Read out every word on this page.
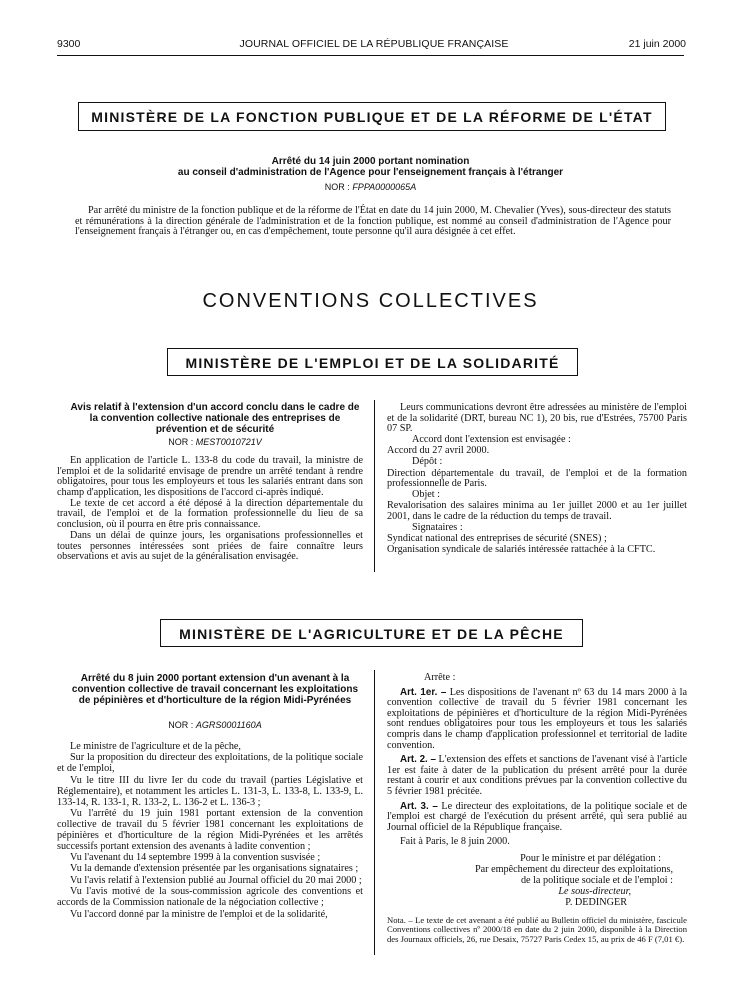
9300	JOURNAL OFFICIEL DE LA RÉPUBLIQUE FRANÇAISE	21 juin 2000
MINISTÈRE DE LA FONCTION PUBLIQUE ET DE LA RÉFORME DE L'ÉTAT
Arrêté du 14 juin 2000 portant nomination
au conseil d'administration de l'Agence pour l'enseignement français à l'étranger
NOR : FPPA0000065A

Par arrêté du ministre de la fonction publique et de la réforme de l'État en date du 14 juin 2000, M. Chevalier (Yves), sous-directeur des statuts et rémunérations à la direction générale de l'administration et de la fonction publique, est nommé au conseil d'administration de l'Agence pour l'enseignement français à l'étranger ou, en cas d'empêchement, toute personne qu'il aura désignée à cet effet.

CONVENTIONS COLLECTIVES
MINISTÈRE DE L'EMPLOI ET DE LA SOLIDARITÉ
Avis relatif à l'extension d'un accord conclu dans le cadre de la convention collective nationale des entreprises de prévention et de sécurité
NOR : MEST0010721V

En application de l'article L. 133-8 du code du travail, la ministre de l'emploi et de la solidarité envisage de prendre un arrêté tendant à rendre obligatoires, pour tous les employeurs et tous les salariés entrant dans son champ d'application, les dispositions de l'accord ci-après indiqué.

Le texte de cet accord a été déposé à la direction départementale du travail, de l'emploi et de la formation professionnelle du lieu de sa conclusion, où il pourra en être pris connaissance.

Dans un délai de quinze jours, les organisations professionnelles et toutes personnes intéressées sont priées de faire connaître leurs observations et avis au sujet de la généralisation envisagée.

Leurs communications devront être adressées au ministère de l'emploi et de la solidarité (DRT, bureau NC 1), 20 bis, rue d'Estrées, 75700 Paris 07 SP.

Accord dont l'extension est envisagée :

Accord du 27 avril 2000.

Dépôt :

Direction départementale du travail, de l'emploi et de la formation professionnelle de Paris.

Objet :

Revalorisation des salaires minima au 1er juillet 2000 et au 1er juillet 2001, dans le cadre de la réduction du temps de travail.

Signataires :

Syndicat national des entreprises de sécurité (SNES) ;

Organisation syndicale de salariés intéressée rattachée à la CFTC.

MINISTÈRE DE L'AGRICULTURE ET DE LA PÊCHE
Arrêté du 8 juin 2000 portant extension d'un avenant à la convention collective de travail concernant les exploitations de pépinières et d'horticulture de la région Midi-Pyrénées
NOR : AGRS0001160A

Le ministre de l'agriculture et de la pêche,

Sur la proposition du directeur des exploitations, de la politique sociale et de l'emploi,

Vu le titre III du livre Ier du code du travail (parties Législative et Réglementaire), et notamment les articles L. 131-3, L. 133-8, L. 133-9, L. 133-14, R. 133-1, R. 133-2, L. 136-2 et L. 136-3 ;

Vu l'arrêté du 19 juin 1981 portant extension de la convention collective de travail du 5 février 1981 concernant les exploitations de pépinières et d'horticulture de la région Midi-Pyrénées et les arrêtés successifs portant extension des avenants à ladite convention ;

Vu l'avenant du 14 septembre 1999 à la convention susvisée ;

Vu la demande d'extension présentée par les organisations signataires ;

Vu l'avis relatif à l'extension publié au Journal officiel du 20 mai 2000 ;

Vu l'avis motivé de la sous-commission agricole des conventions et accords de la Commission nationale de la négociation collective ;

Vu l'accord donné par la ministre de l'emploi et de la solidarité,

Arrête :

Art. 1er. – Les dispositions de l'avenant nº 63 du 14 mars 2000 à la convention collective de travail du 5 février 1981 concernant les exploitations de pépinières et d'horticulture de la région Midi-Pyrénées sont rendues obligatoires pour tous les employeurs et tous les salariés compris dans le champ d'application professionnel et territorial de ladite convention.

Art. 2. – L'extension des effets et sanctions de l'avenant visé à l'article 1er est faite à dater de la publication du présent arrêté pour la durée restant à courir et aux conditions prévues par la convention collective du 5 février 1981 précitée.

Art. 3. – Le directeur des exploitations, de la politique sociale et de l'emploi est chargé de l'exécution du présent arrêté, qui sera publié au Journal officiel de la République française.

Fait à Paris, le 8 juin 2000.

Pour le ministre et par délégation :
Par empêchement du directeur des exploitations,
de la politique sociale et de l'emploi :
Le sous-directeur,
P. DEDINGER
Nota. – Le texte de cet avenant a été publié au Bulletin officiel du ministère, fascicule Conventions collectives nº 2000/18 en date du 2 juin 2000, disponible à la Direction des Journaux officiels, 26, rue Desaix, 75727 Paris Cedex 15, au prix de 46 F (7,01 €).
